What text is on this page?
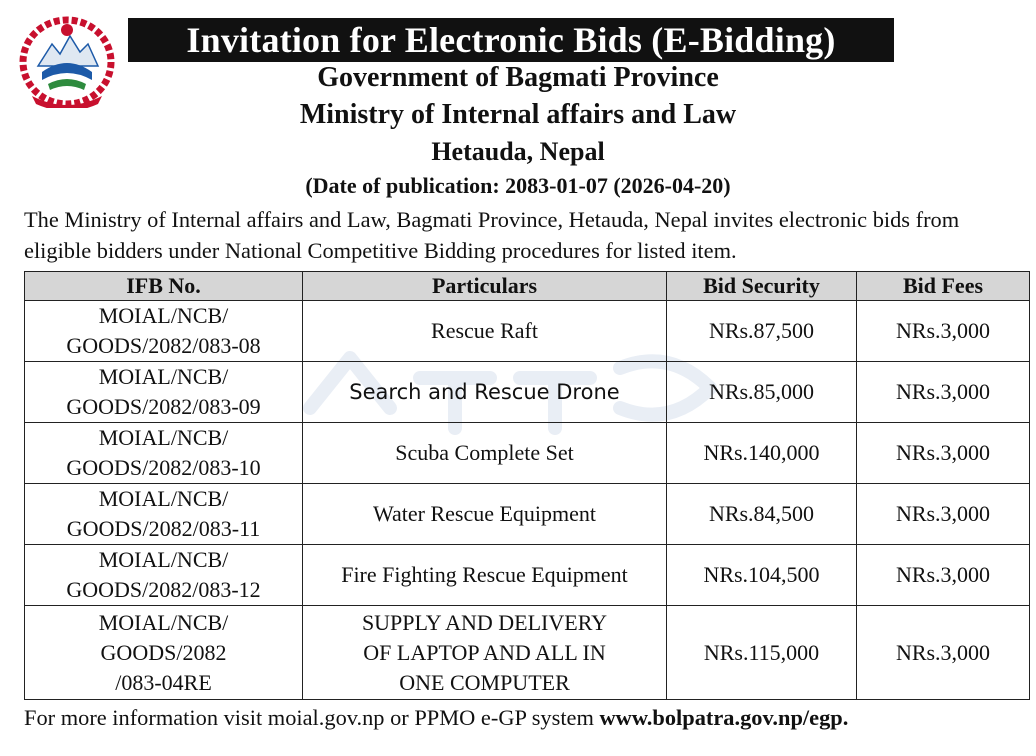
Invitation for Electronic Bids (E-Bidding)
Government of Bagmati Province
Ministry of Internal affairs and Law
Hetauda, Nepal
(Date of publication: 2083-01-07 (2026-04-20)
The Ministry of Internal affairs and Law, Bagmati Province, Hetauda, Nepal invites electronic bids from eligible bidders under National Competitive Bidding procedures for listed item.
IFB No.	Particulars	Bid Security	Bid Fees
MOIAL/NCB/
GOODS/2082/083-08	Rescue Raft	NRs.87,500	NRs.3,000
MOIAL/NCB/
GOODS/2082/083-09	Search and Rescue Drone	NRs.85,000	NRs.3,000
MOIAL/NCB/
GOODS/2082/083-10	Scuba Complete Set	NRs.140,000	NRs.3,000
MOIAL/NCB/
GOODS/2082/083-11	Water Rescue Equipment	NRs.84,500	NRs.3,000
MOIAL/NCB/
GOODS/2082/083-12	Fire Fighting Rescue Equipment	NRs.104,500	NRs.3,000
MOIAL/NCB/
GOODS/2082
/083-04RE	SUPPLY AND DELIVERY
OF LAPTOP AND ALL IN
ONE COMPUTER	NRs.115,000	NRs.3,000
For more information visit moial.gov.np or PPMO e-GP system www.bolpatra.gov.np/egp.
